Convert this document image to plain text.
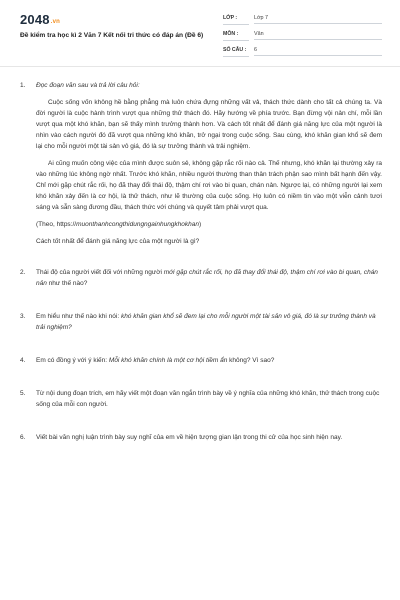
2048.vn
Đề kiểm tra học kì 2 Văn 7 Kết nối tri thức có đáp án (Đề 6)
LỚP :	Lớp 7
MÔN :	Văn
SỐ CÂU :	6
1. Đọc đoạn văn sau và trả lời câu hỏi:

Cuộc sống vốn không hề bằng phẳng mà luôn chứa đựng những vất vả, thách thức dành cho tất cả chúng ta. Và đời người là cuộc hành trình vượt qua những thử thách đó. Hãy hướng về phía trước. Bạn đừng vội nản chí, mỗi lần vượt qua một khó khăn, bạn sẽ thấy mình trưởng thành hơn. Và cách tốt nhất để đánh giá năng lực của một người là nhìn vào cách người đó đã vượt qua những khó khăn, trở ngại trong cuộc sống. Sau cùng, khó khăn gian khổ sẽ đem lại cho mỗi người một tài sản vô giá, đó là sự trưởng thành và trải nghiệm.

Ai cũng muốn công việc của mình được suôn sẻ, không gặp rắc rối nào cả. Thế nhưng, khó khăn lại thường xảy ra vào những lúc không ngờ nhất. Trước khó khăn, nhiều người thường than thân trách phận sao mình bất hạnh đến vậy. Chỉ mới gặp chút rắc rối, họ đã thay đổi thái độ, thậm chí rơi vào bi quan, chán nản. Ngược lại, có những người lại xem khó khăn xảy đến là cơ hội, là thử thách, như lẽ thường của cuộc sống. Họ luôn có niềm tin vào một viễn cảnh tươi sáng và sẵn sàng đương đầu, thách thức với chúng và quyết tâm phải vượt qua.

(Theo, https://muonthanhcongthidungngainhungkhokhan)

Cách tốt nhất để đánh giá năng lực của một người là gì?

2. Thái độ của người viết đối với những người mới gặp chút rắc rối, họ đã thay đổi thái độ, thậm chí rơi vào bi quan, chán nản như thế nào?
3. Em hiểu như thế nào khi nói: khó khăn gian khổ sẽ đem lại cho mỗi người một tài sản vô giá, đó là sự trưởng thành và trải nghiệm?
4. Em có đồng ý với ý kiến: Mỗi khó khăn chính là một cơ hội tiềm ẩn không? Vì sao?
5. Từ nội dung đoạn trích, em hãy viết một đoạn văn ngắn trình bày về ý nghĩa của những khó khăn, thử thách trong cuộc sống của mỗi con người.
6. Viết bài văn nghị luận trình bày suy nghĩ của em về hiện tượng gian lận trong thi cử của học sinh hiện nay.
